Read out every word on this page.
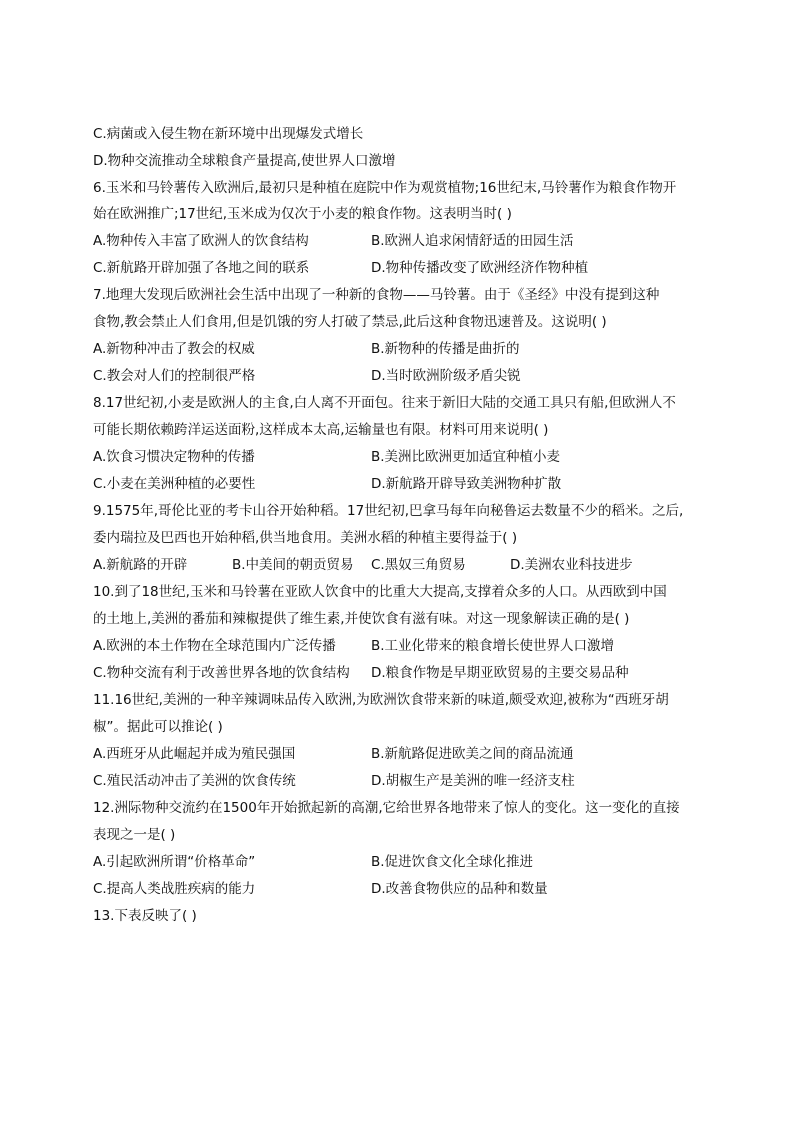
C.病菌或入侵生物在新环境中出现爆发式增长
D.物种交流推动全球粮食产量提高,使世界人口激增
6.玉米和马铃薯传入欧洲后,最初只是种植在庭院中作为观赏植物;16世纪末,马铃薯作为粮食作物开
始在欧洲推广;17世纪,玉米成为仅次于小麦的粮食作物。这表明当时( )
A.物种传入丰富了欧洲人的饮食结构	B.欧洲人追求闲情舒适的田园生活
C.新航路开辟加强了各地之间的联系	D.物种传播改变了欧洲经济作物种植
7.地理大发现后欧洲社会生活中出现了一种新的食物——马铃薯。由于《圣经》中没有提到这种
食物,教会禁止人们食用,但是饥饿的穷人打破了禁忌,此后这种食物迅速普及。这说明( )
A.新物种冲击了教会的权威	B.新物种的传播是曲折的
C.教会对人们的控制很严格	D.当时欧洲阶级矛盾尖锐
8.17世纪初,小麦是欧洲人的主食,白人离不开面包。往来于新旧大陆的交通工具只有船,但欧洲人不
可能长期依赖跨洋运送面粉,这样成本太高,运输量也有限。材料可用来说明( )
A.饮食习惯决定物种的传播	B.美洲比欧洲更加适宜种植小麦
C.小麦在美洲种植的必要性	D.新航路开辟导致美洲物种扩散
9.1575年,哥伦比亚的考卡山谷开始种稻。17世纪初,巴拿马每年向秘鲁运去数量不少的稻米。之后,
委内瑞拉及巴西也开始种稻,供当地食用。美洲水稻的种植主要得益于( )
A.新航路的开辟	B.中美间的朝贡贸易 C.黑奴三角贸易	D.美洲农业科技进步
10.到了18世纪,玉米和马铃薯在亚欧人饮食中的比重大大提高,支撑着众多的人口。从西欧到中国
的土地上,美洲的番茄和辣椒提供了维生素,并使饮食有滋有味。对这一现象解读正确的是( )
A.欧洲的本土作物在全球范围内广泛传播	B.工业化带来的粮食增长使世界人口激增
C.物种交流有利于改善世界各地的饮食结构 D.粮食作物是早期亚欧贸易的主要交易品种
11.16世纪,美洲的一种辛辣调味品传入欧洲,为欧洲饮食带来新的味道,颇受欢迎,被称为“西班牙胡
椒”。据此可以推论( )
A.西班牙从此崛起并成为殖民强国	B.新航路促进欧美之间的商品流通
C.殖民活动冲击了美洲的饮食传统	D.胡椒生产是美洲的唯一经济支柱
12.洲际物种交流约在1500年开始掀起新的高潮,它给世界各地带来了惊人的变化。这一变化的直接
表现之一是( )
A.引起欧洲所谓“价格革命”	B.促进饮食文化全球化推进
C.提高人类战胜疾病的能力	D.改善食物供应的品种和数量
13.下表反映了( )
